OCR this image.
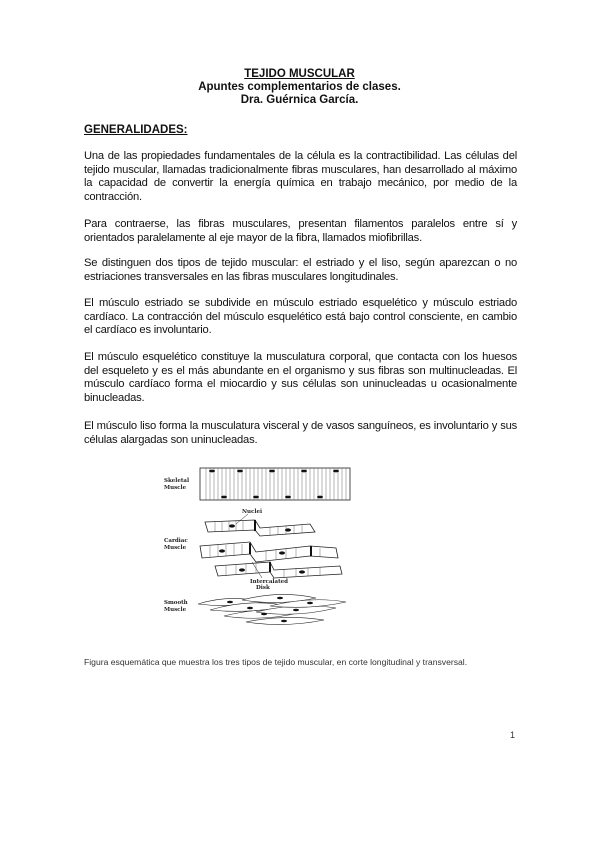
TEJIDO MUSCULAR
Apuntes complementarios de clases.
Dra. Guérnica García.
GENERALIDADES:
Una de las propiedades fundamentales de la célula es la contractibilidad. Las células del tejido muscular, llamadas tradicionalmente fibras musculares, han desarrollado al máximo la capacidad de convertir la energía química en trabajo mecánico, por medio de la contracción.
Para contraerse, las fibras musculares, presentan filamentos paralelos entre sí y orientados paralelamente al eje mayor de la fibra, llamados miofibrillas.
Se distinguen dos tipos de tejido muscular: el estriado y el liso, según aparezcan o no estriaciones transversales en las fibras musculares longitudinales.
El músculo estriado se subdivide en músculo estriado esquelético y músculo estriado cardíaco. La contracción del músculo esquelético está bajo control consciente, en cambio el cardíaco es involuntario.
El músculo esquelético constituye la musculatura corporal, que contacta con los huesos del esqueleto y es el más abundante en el organismo y sus fibras son multinucleadas. El músculo cardíaco forma el miocardio y sus células son uninucleadas u ocasionalmente binucleadas.
El músculo liso forma la musculatura visceral y de vasos sanguíneos, es involuntario y sus células alargadas son uninucleadas.
Skeletal
Muscle
Nuclei
Cardiac
Muscle
Intercalated
Disk
Smooth
Muscle
Figura esquemática que muestra los tres tipos de tejido muscular, en corte longitudinal y transversal.
1
